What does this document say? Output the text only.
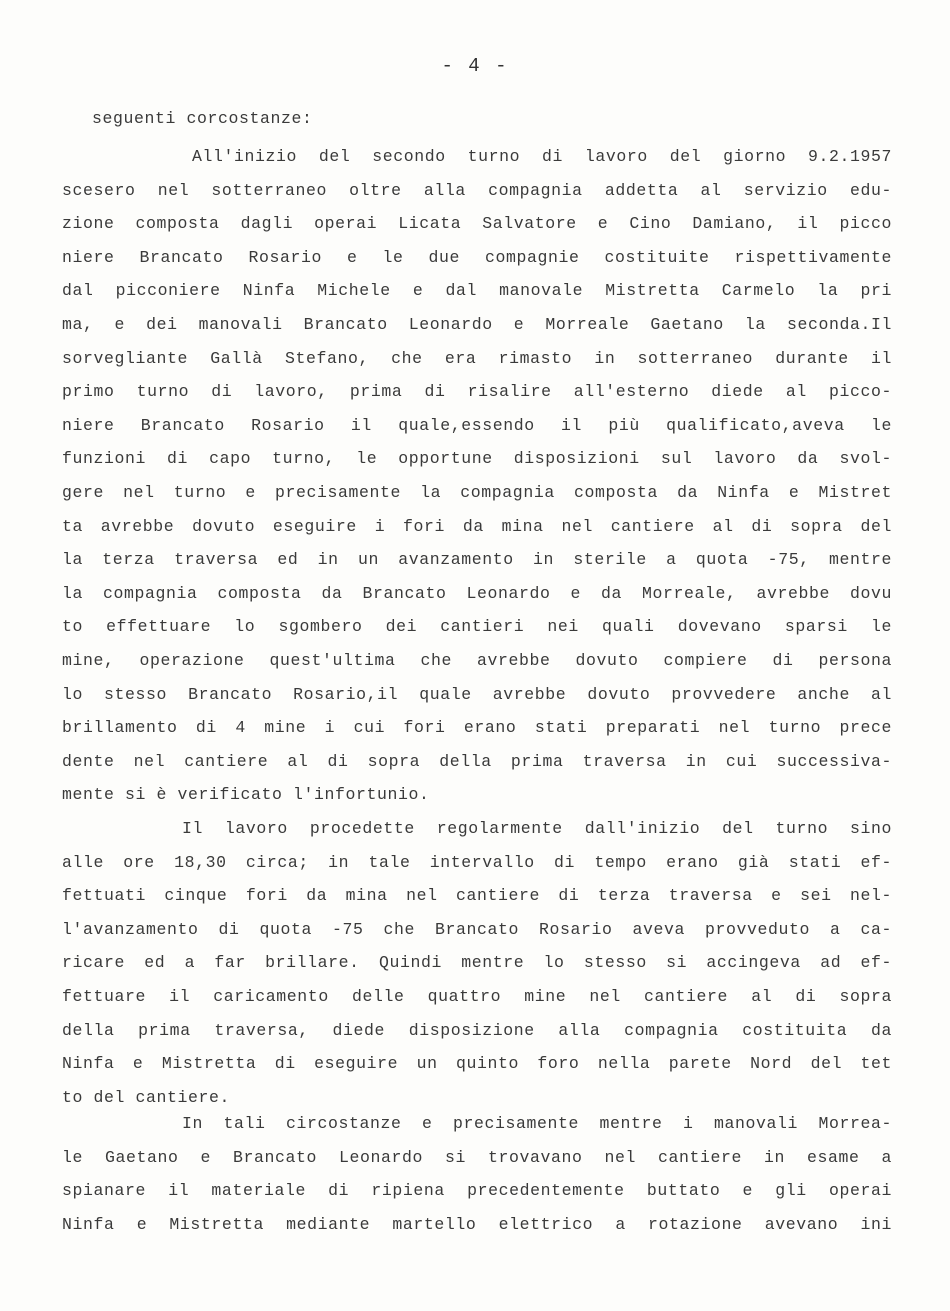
- 4 -
seguenti corcostanze:
All'inizio del secondo turno di lavoro del giorno 9.2.1957
scesero nel sotterraneo oltre alla compagnia addetta al servizio edu-
zione composta dagli operai Licata Salvatore e Cino Damiano, il picco
niere Brancato Rosario e le due compagnie costituite rispettivamente
dal picconiere Ninfa Michele e dal manovale Mistretta Carmelo la pri
ma, e dei manovali Brancato Leonardo e Morreale Gaetano la seconda.Il
sorvegliante Gallà Stefano, che era rimasto in sotterraneo durante il
primo turno di lavoro, prima di risalire all'esterno diede al picco-
niere Brancato Rosario il quale,essendo il più qualificato,aveva le
funzioni di capo turno, le opportune disposizioni sul lavoro da svol-
gere nel turno e precisamente la compagnia composta da Ninfa e Mistret
ta avrebbe dovuto eseguire i fori da mina nel cantiere al di sopra del
la terza traversa ed in un avanzamento in sterile a quota -75, mentre
la compagnia composta da Brancato Leonardo e da Morreale, avrebbe dovu
to effettuare lo sgombero dei cantieri nei quali dovevano sparsi le
mine, operazione quest'ultima che avrebbe dovuto compiere di persona
lo stesso Brancato Rosario,il quale avrebbe dovuto provvedere anche al
brillamento di 4 mine i cui fori erano stati preparati nel turno prece
dente nel cantiere al di sopra della prima traversa in cui successiva-
mente si è verificato l'infortunio.
Il lavoro procedette regolarmente dall'inizio del turno sino
alle ore 18,30 circa; in tale intervallo di tempo erano già stati ef-
fettuati cinque fori da mina nel cantiere di terza traversa e sei nel-
l'avanzamento di quota -75 che Brancato Rosario aveva provveduto a ca-
ricare ed a far brillare. Quindi mentre lo stesso si accingeva ad ef-
fettuare il caricamento delle quattro mine nel cantiere al di sopra
della prima traversa, diede disposizione alla compagnia costituita da
Ninfa e Mistretta di eseguire un quinto foro nella parete Nord del tet
to del cantiere.
In tali circostanze e precisamente mentre i manovali Morrea-
le Gaetano e Brancato Leonardo si trovavano nel cantiere in esame a
spianare il materiale di ripiena precedentemente buttato e gli operai
Ninfa e Mistretta mediante martello elettrico a rotazione avevano ini
